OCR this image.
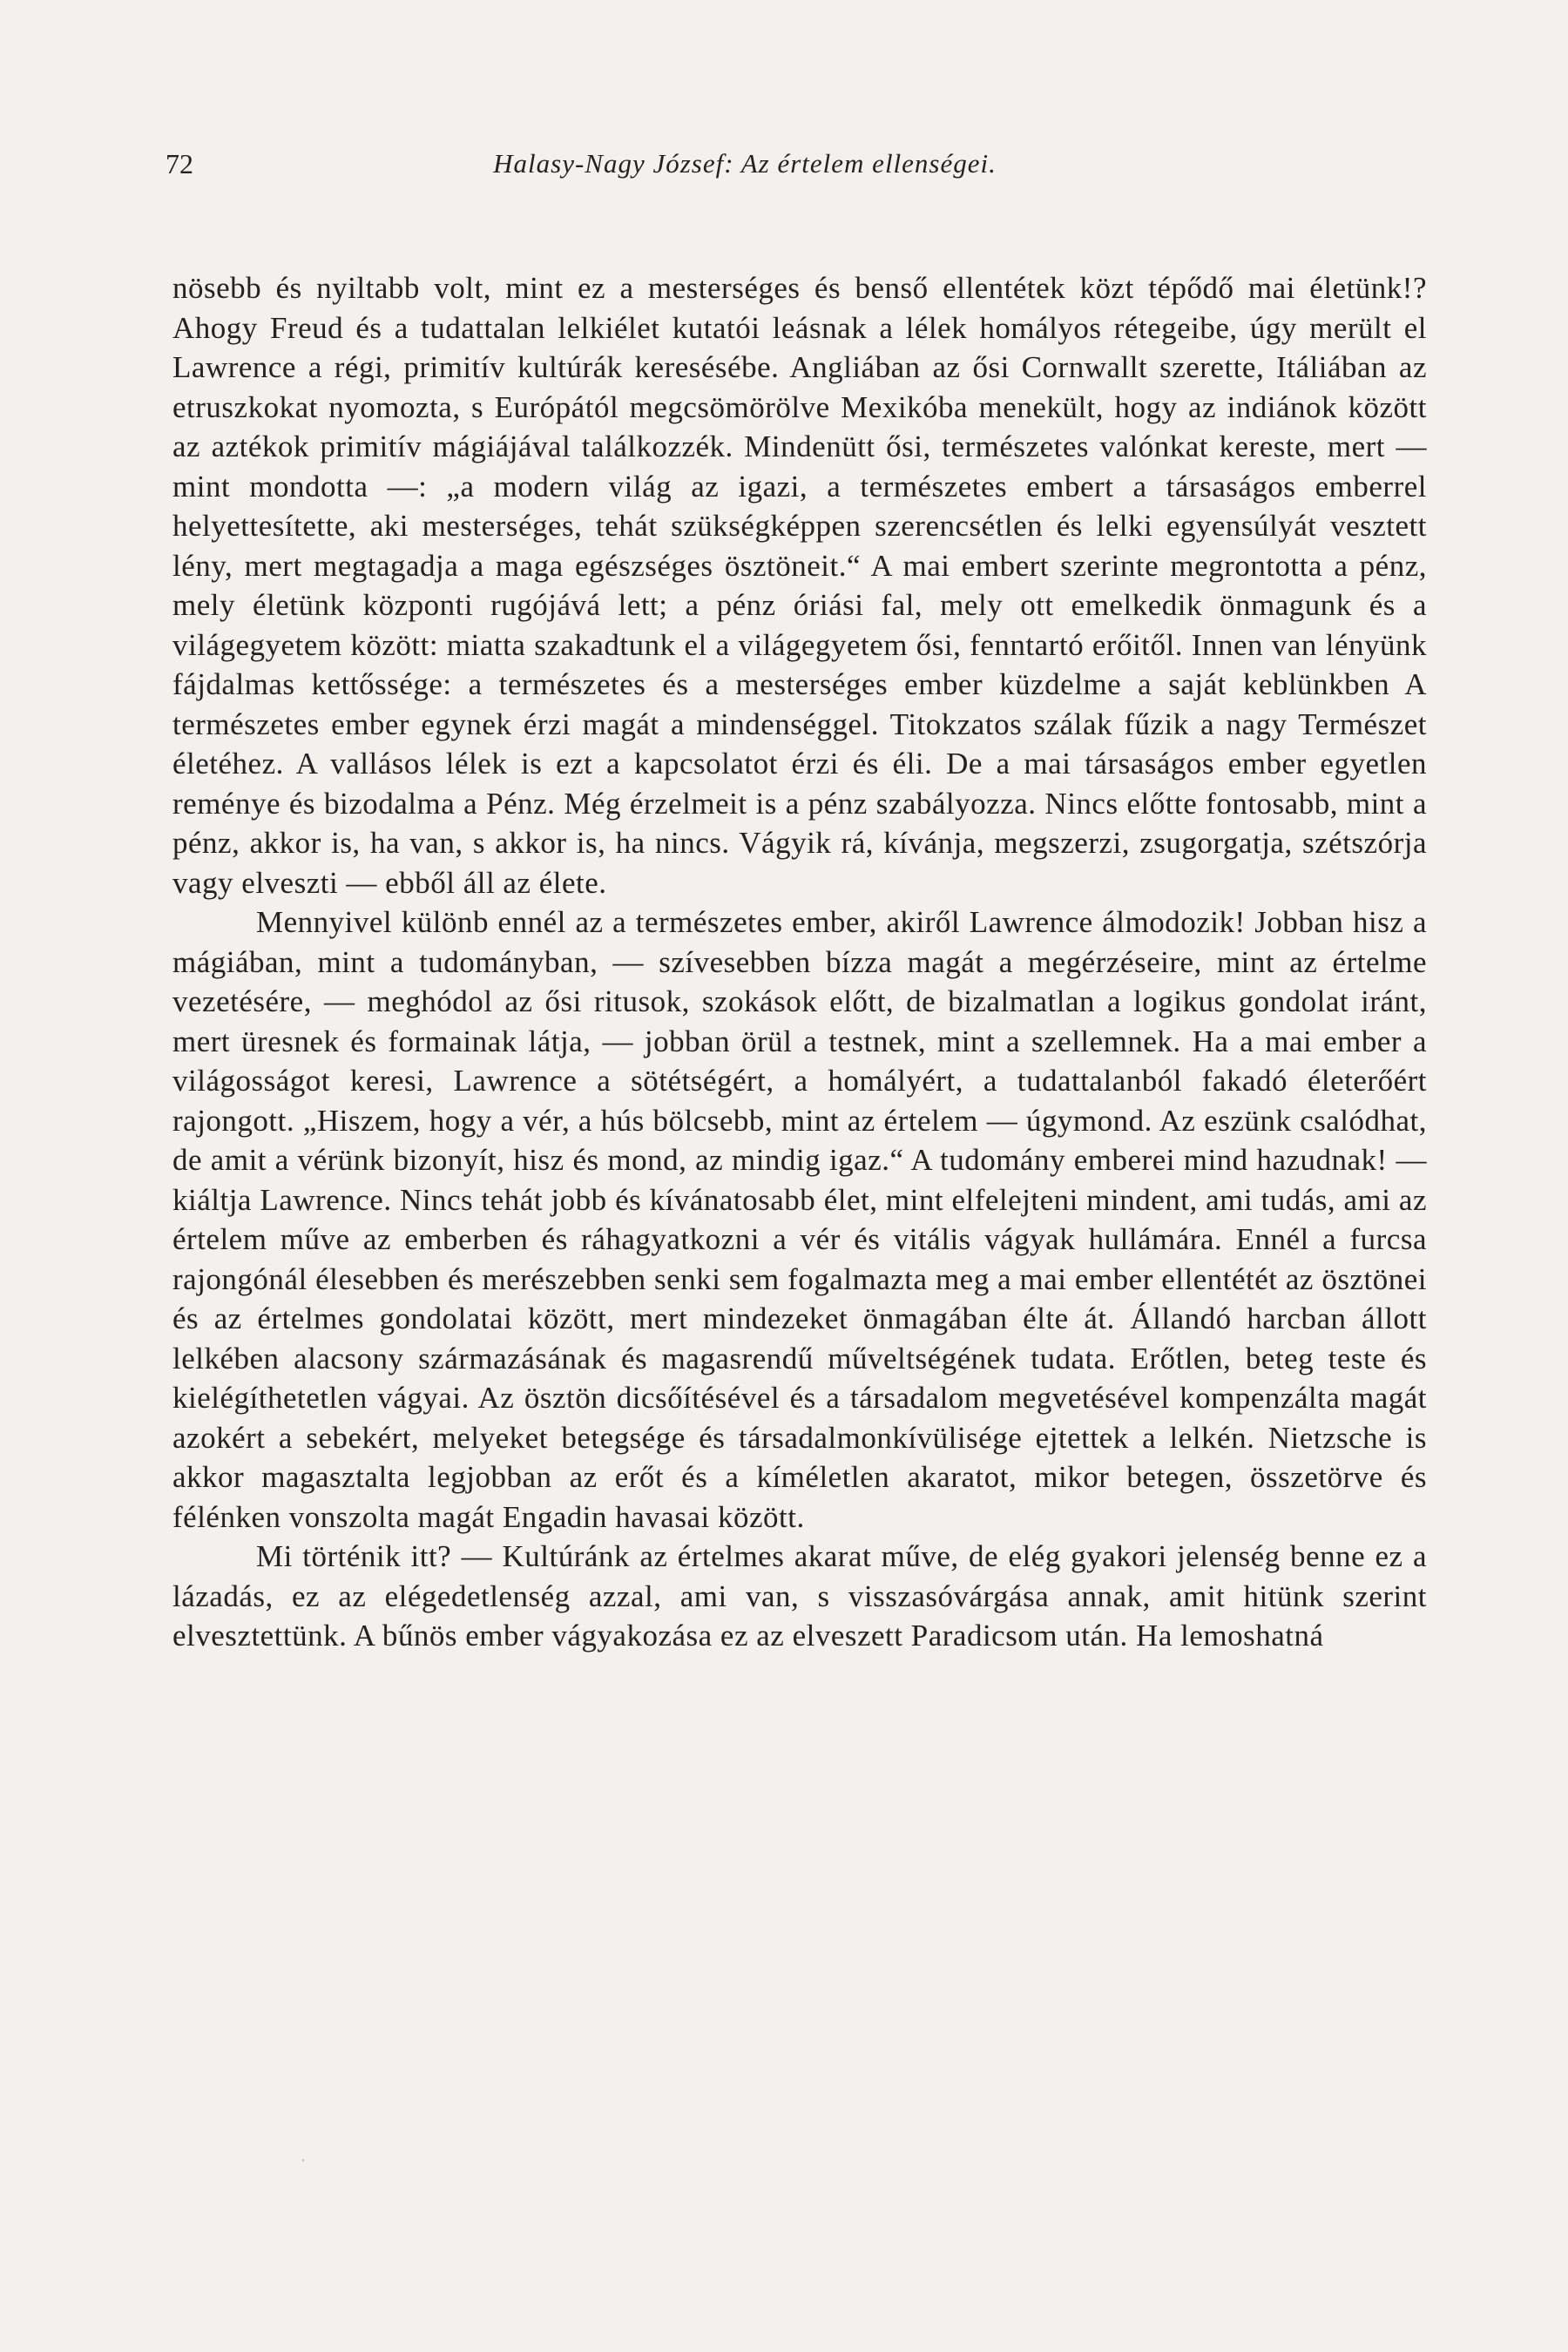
72	Halasy-Nagy József: Az értelem ellenségei.

nösebb és nyiltabb volt, mint ez a mesterséges és benső ellentétek közt tépődő mai életünk!? Ahogy Freud és a tudattalan lelkiélet kutatói leásnak a lélek homályos rétegeibe, úgy merült el Lawrence a régi, primitív kultúrák keresésébe. Angliában az ősi Cornwallt szerette, Itáliában az etruszkokat nyomozta, s Európától megcsömörölve Mexikóba menekült, hogy az indiánok között az aztékok primitív mágiájával találkozzék. Mindenütt ősi, természetes valónkat kereste, mert — mint mondotta —: „a modern világ az igazi, a természetes embert a társaságos emberrel helyettesítette, aki mesterséges, tehát szükségképpen szerencsétlen és lelki egyensúlyát vesztett lény, mert megtagadja a maga egészséges ösztöneit.“ A mai embert szerinte megrontotta a pénz, mely életünk központi rugójává lett; a pénz óriási fal, mely ott emelkedik önmagunk és a világegyetem között: miatta szakadtunk el a világegyetem ősi, fenntartó erőitől. Innen van lényünk fájdalmas kettőssége: a természetes és a mesterséges ember küzdelme a saját keblünkben A természetes ember egynek érzi magát a mindenséggel. Titokzatos szálak fűzik a nagy Természet életéhez. A vallásos lélek is ezt a kapcsolatot érzi és éli. De a mai társaságos ember egyetlen reménye és bizodalma a Pénz. Még érzelmeit is a pénz szabályozza. Nincs előtte fontosabb, mint a pénz, akkor is, ha van, s akkor is, ha nincs. Vágyik rá, kívánja, megszerzi, zsugorgatja, szétszórja vagy elveszti — ebből áll az élete.

Mennyivel különb ennél az a természetes ember, akiről Lawrence álmodozik! Jobban hisz a mágiában, mint a tudományban, — szívesebben bízza magát a megérzéseire, mint az értelme vezetésére, — meghódol az ősi ritusok, szokások előtt, de bizalmatlan a logikus gondolat iránt, mert üresnek és formainak látja, — jobban örül a testnek, mint a szellemnek. Ha a mai ember a világosságot keresi, Lawrence a sötétségért, a homályért, a tudattalanból fakadó életerőért rajongott. „Hiszem, hogy a vér, a hús bölcsebb, mint az értelem — úgymond. Az eszünk csalódhat, de amit a vérünk bizonyít, hisz és mond, az mindig igaz.“ A tudomány emberei mind hazudnak! — kiáltja Lawrence. Nincs tehát jobb és kívánatosabb élet, mint elfelejteni mindent, ami tudás, ami az értelem műve az emberben és ráhagyatkozni a vér és vitális vágyak hullámára. Ennél a furcsa rajongónál élesebben és merészebben senki sem fogalmazta meg a mai ember ellentétét az ösztönei és az értelmes gondolatai között, mert mindezeket önmagában élte át. Állandó harcban állott lelkében alacsony származásának és magasrendű műveltségének tudata. Erőtlen, beteg teste és kielégíthetetlen vágyai. Az ösztön dicsőítésével és a társadalom megvetésével kompenzálta magát azokért a sebekért, melyeket betegsége és társadalmonkívülisége ejtettek a lelkén. Nietzsche is akkor magasztalta legjobban az erőt és a kíméletlen akaratot, mikor betegen, összetörve és félénken vonszolta magát Engadin havasai között.

Mi történik itt? — Kultúránk az értelmes akarat műve, de elég gyakori jelenség benne ez a lázadás, ez az elégedetlenség azzal, ami van, s visszasóvárgása annak, amit hitünk szerint elvesztettünk. A bűnös ember vágyakozása ez az elveszett Paradicsom után. Ha lemoshatná

·
